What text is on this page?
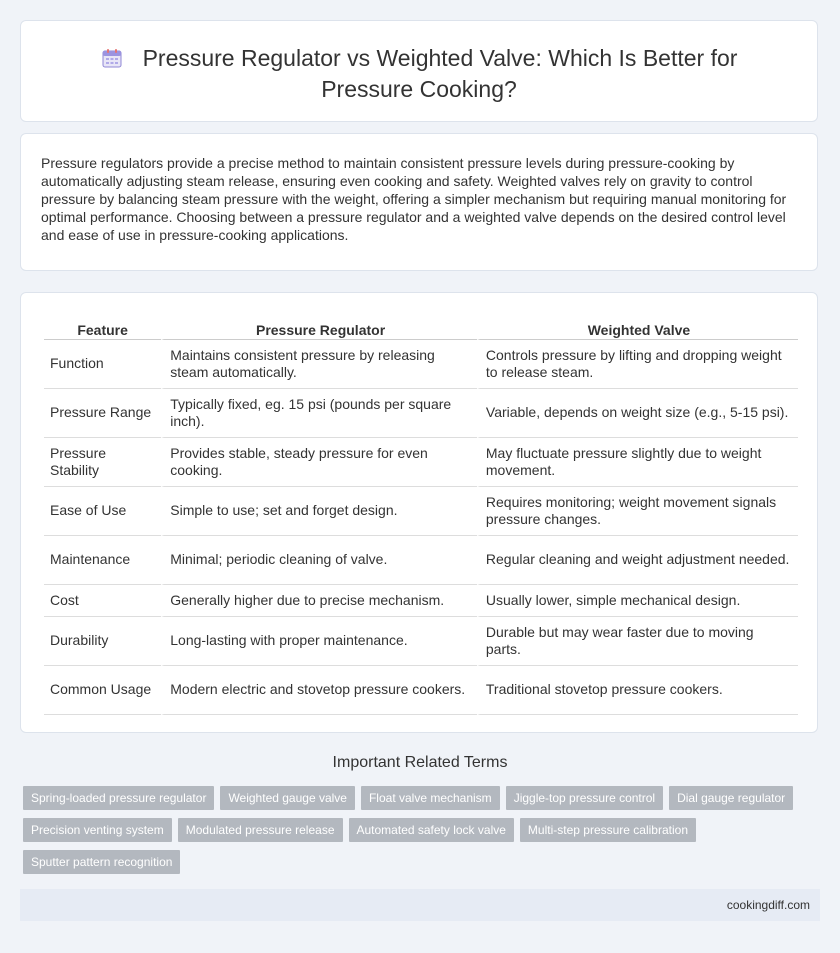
Pressure Regulator vs Weighted Valve: Which Is Better for Pressure Cooking?

Pressure regulators provide a precise method to maintain consistent pressure levels during pressure-cooking by automatically adjusting steam release, ensuring even cooking and safety. Weighted valves rely on gravity to control pressure by balancing steam pressure with the weight, offering a simpler mechanism but requiring manual monitoring for optimal performance. Choosing between a pressure regulator and a weighted valve depends on the desired control level and ease of use in pressure-cooking applications.

Feature	Pressure Regulator	Weighted Valve
Function	Maintains consistent pressure by releasing steam automatically.	Controls pressure by lifting and dropping weight to release steam.
Pressure Range	Typically fixed, eg. 15 psi (pounds per square inch).	Variable, depends on weight size (e.g., 5-15 psi).
Pressure Stability	Provides stable, steady pressure for even cooking.	May fluctuate pressure slightly due to weight movement.
Ease of Use	Simple to use; set and forget design.	Requires monitoring; weight movement signals pressure changes.
Maintenance	Minimal; periodic cleaning of valve.	Regular cleaning and weight adjustment needed.
Cost	Generally higher due to precise mechanism.	Usually lower, simple mechanical design.
Durability	Long-lasting with proper maintenance.	Durable but may wear faster due to moving parts.
Common Usage	Modern electric and stovetop pressure cookers.	Traditional stovetop pressure cookers.
Important Related Terms
Spring-loaded pressure regulator Weighted gauge valve Float valve mechanism Jiggle-top pressure control Dial gauge regulatorPrecision venting system Modulated pressure release Automated safety lock valve Multi-step pressure calibrationSputter pattern recognition
cookingdiff.com
